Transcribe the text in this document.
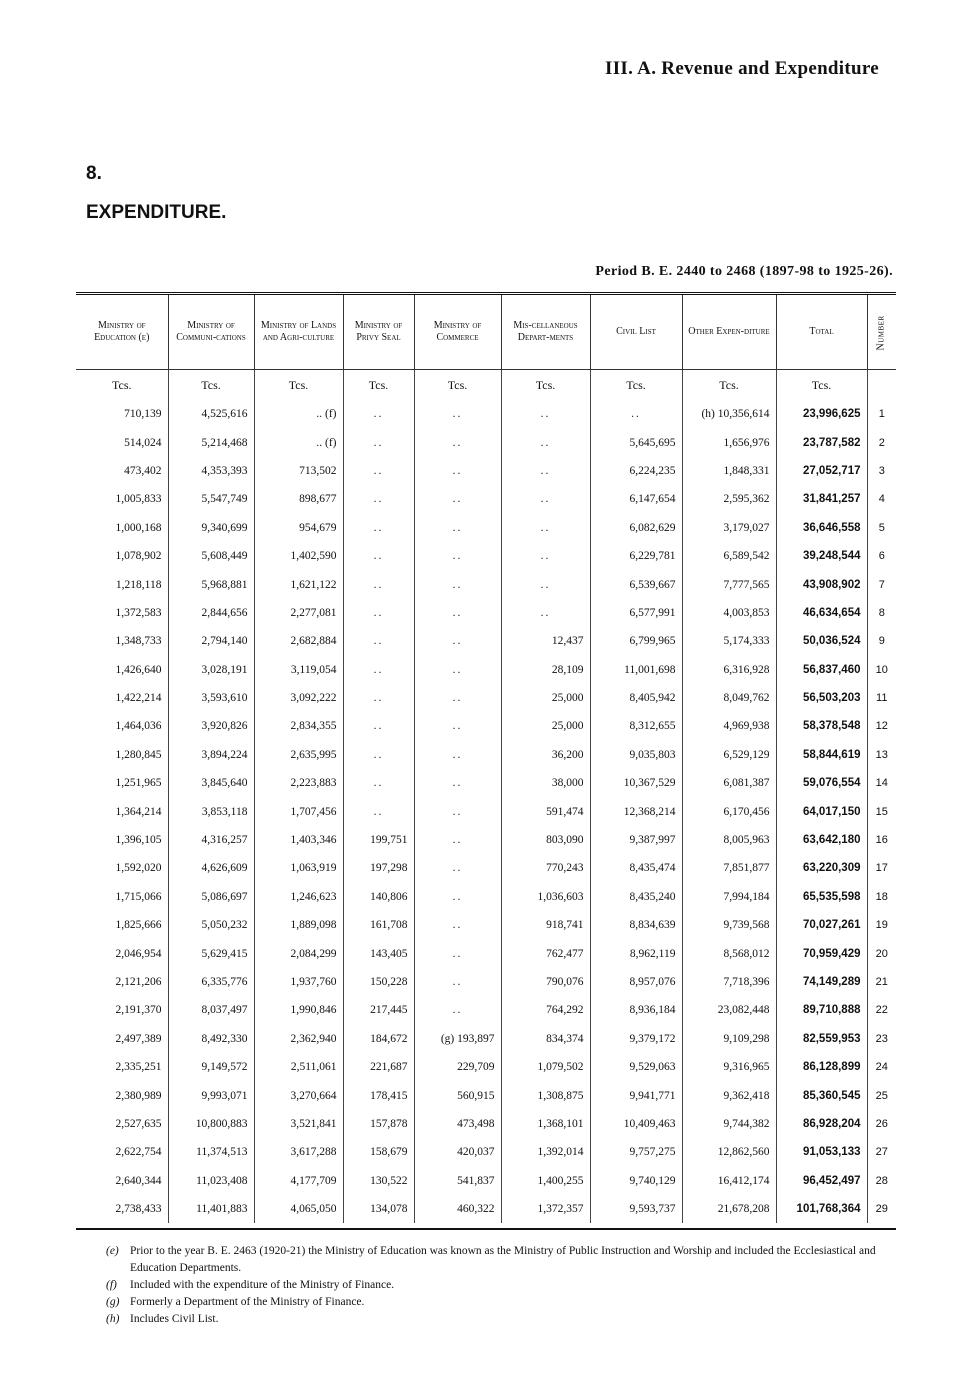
III. A. Revenue and Expenditure
8.
EXPENDITURE.
Period B. E. 2440 to 2468 (1897-98 to 1925-26).
Ministry of Education (e)	Ministry of Communi-cations	Ministry of Lands and Agri-culture	Ministry of Privy Seal	Ministry of Commerce	Mis-cellaneous Depart-ments	Civil List	Other Expen-diture	Total	Number
Tcs.	Tcs.	Tcs.	Tcs.	Tcs.	Tcs.	Tcs.	Tcs.	Tcs.	
710,139	4,525,616	.. (f)	..	..	..	..	(h) 10,356,614	23,996,625	1
514,024	5,214,468	.. (f)	..	..	..	5,645,695	1,656,976	23,787,582	2
473,402	4,353,393	713,502	..	..	..	6,224,235	1,848,331	27,052,717	3
1,005,833	5,547,749	898,677	..	..	..	6,147,654	2,595,362	31,841,257	4
1,000,168	9,340,699	954,679	..	..	..	6,082,629	3,179,027	36,646,558	5
1,078,902	5,608,449	1,402,590	..	..	..	6,229,781	6,589,542	39,248,544	6
1,218,118	5,968,881	1,621,122	..	..	..	6,539,667	7,777,565	43,908,902	7
1,372,583	2,844,656	2,277,081	..	..	..	6,577,991	4,003,853	46,634,654	8
1,348,733	2,794,140	2,682,884	..	..	12,437	6,799,965	5,174,333	50,036,524	9
1,426,640	3,028,191	3,119,054	..	..	28,109	11,001,698	6,316,928	56,837,460	10
1,422,214	3,593,610	3,092,222	..	..	25,000	8,405,942	8,049,762	56,503,203	11
1,464,036	3,920,826	2,834,355	..	..	25,000	8,312,655	4,969,938	58,378,548	12
1,280,845	3,894,224	2,635,995	..	..	36,200	9,035,803	6,529,129	58,844,619	13
1,251,965	3,845,640	2,223,883	..	..	38,000	10,367,529	6,081,387	59,076,554	14
1,364,214	3,853,118	1,707,456	..	..	591,474	12,368,214	6,170,456	64,017,150	15
1,396,105	4,316,257	1,403,346	199,751	..	803,090	9,387,997	8,005,963	63,642,180	16
1,592,020	4,626,609	1,063,919	197,298	..	770,243	8,435,474	7,851,877	63,220,309	17
1,715,066	5,086,697	1,246,623	140,806	..	1,036,603	8,435,240	7,994,184	65,535,598	18
1,825,666	5,050,232	1,889,098	161,708	..	918,741	8,834,639	9,739,568	70,027,261	19
2,046,954	5,629,415	2,084,299	143,405	..	762,477	8,962,119	8,568,012	70,959,429	20
2,121,206	6,335,776	1,937,760	150,228	..	790,076	8,957,076	7,718,396	74,149,289	21
2,191,370	8,037,497	1,990,846	217,445	..	764,292	8,936,184	23,082,448	89,710,888	22
2,497,389	8,492,330	2,362,940	184,672	(g) 193,897	834,374	9,379,172	9,109,298	82,559,953	23
2,335,251	9,149,572	2,511,061	221,687	229,709	1,079,502	9,529,063	9,316,965	86,128,899	24
2,380,989	9,993,071	3,270,664	178,415	560,915	1,308,875	9,941,771	9,362,418	85,360,545	25
2,527,635	10,800,883	3,521,841	157,878	473,498	1,368,101	10,409,463	9,744,382	86,928,204	26
2,622,754	11,374,513	3,617,288	158,679	420,037	1,392,014	9,757,275	12,862,560	91,053,133	27
2,640,344	11,023,408	4,177,709	130,522	541,837	1,400,255	9,740,129	16,412,174	96,452,497	28
2,738,433	11,401,883	4,065,050	134,078	460,322	1,372,357	9,593,737	21,678,208	101,768,364	29
(e) Prior to the year B. E. 2463 (1920-21) the Ministry of Education was known as the Ministry of Public Instruction and Worship and included the Ecclesiastical and Education Departments.
(f)	Included with the expenditure of the Ministry of Finance.
(g) Formerly a Department of the Ministry of Finance.
(h) Includes Civil List.
